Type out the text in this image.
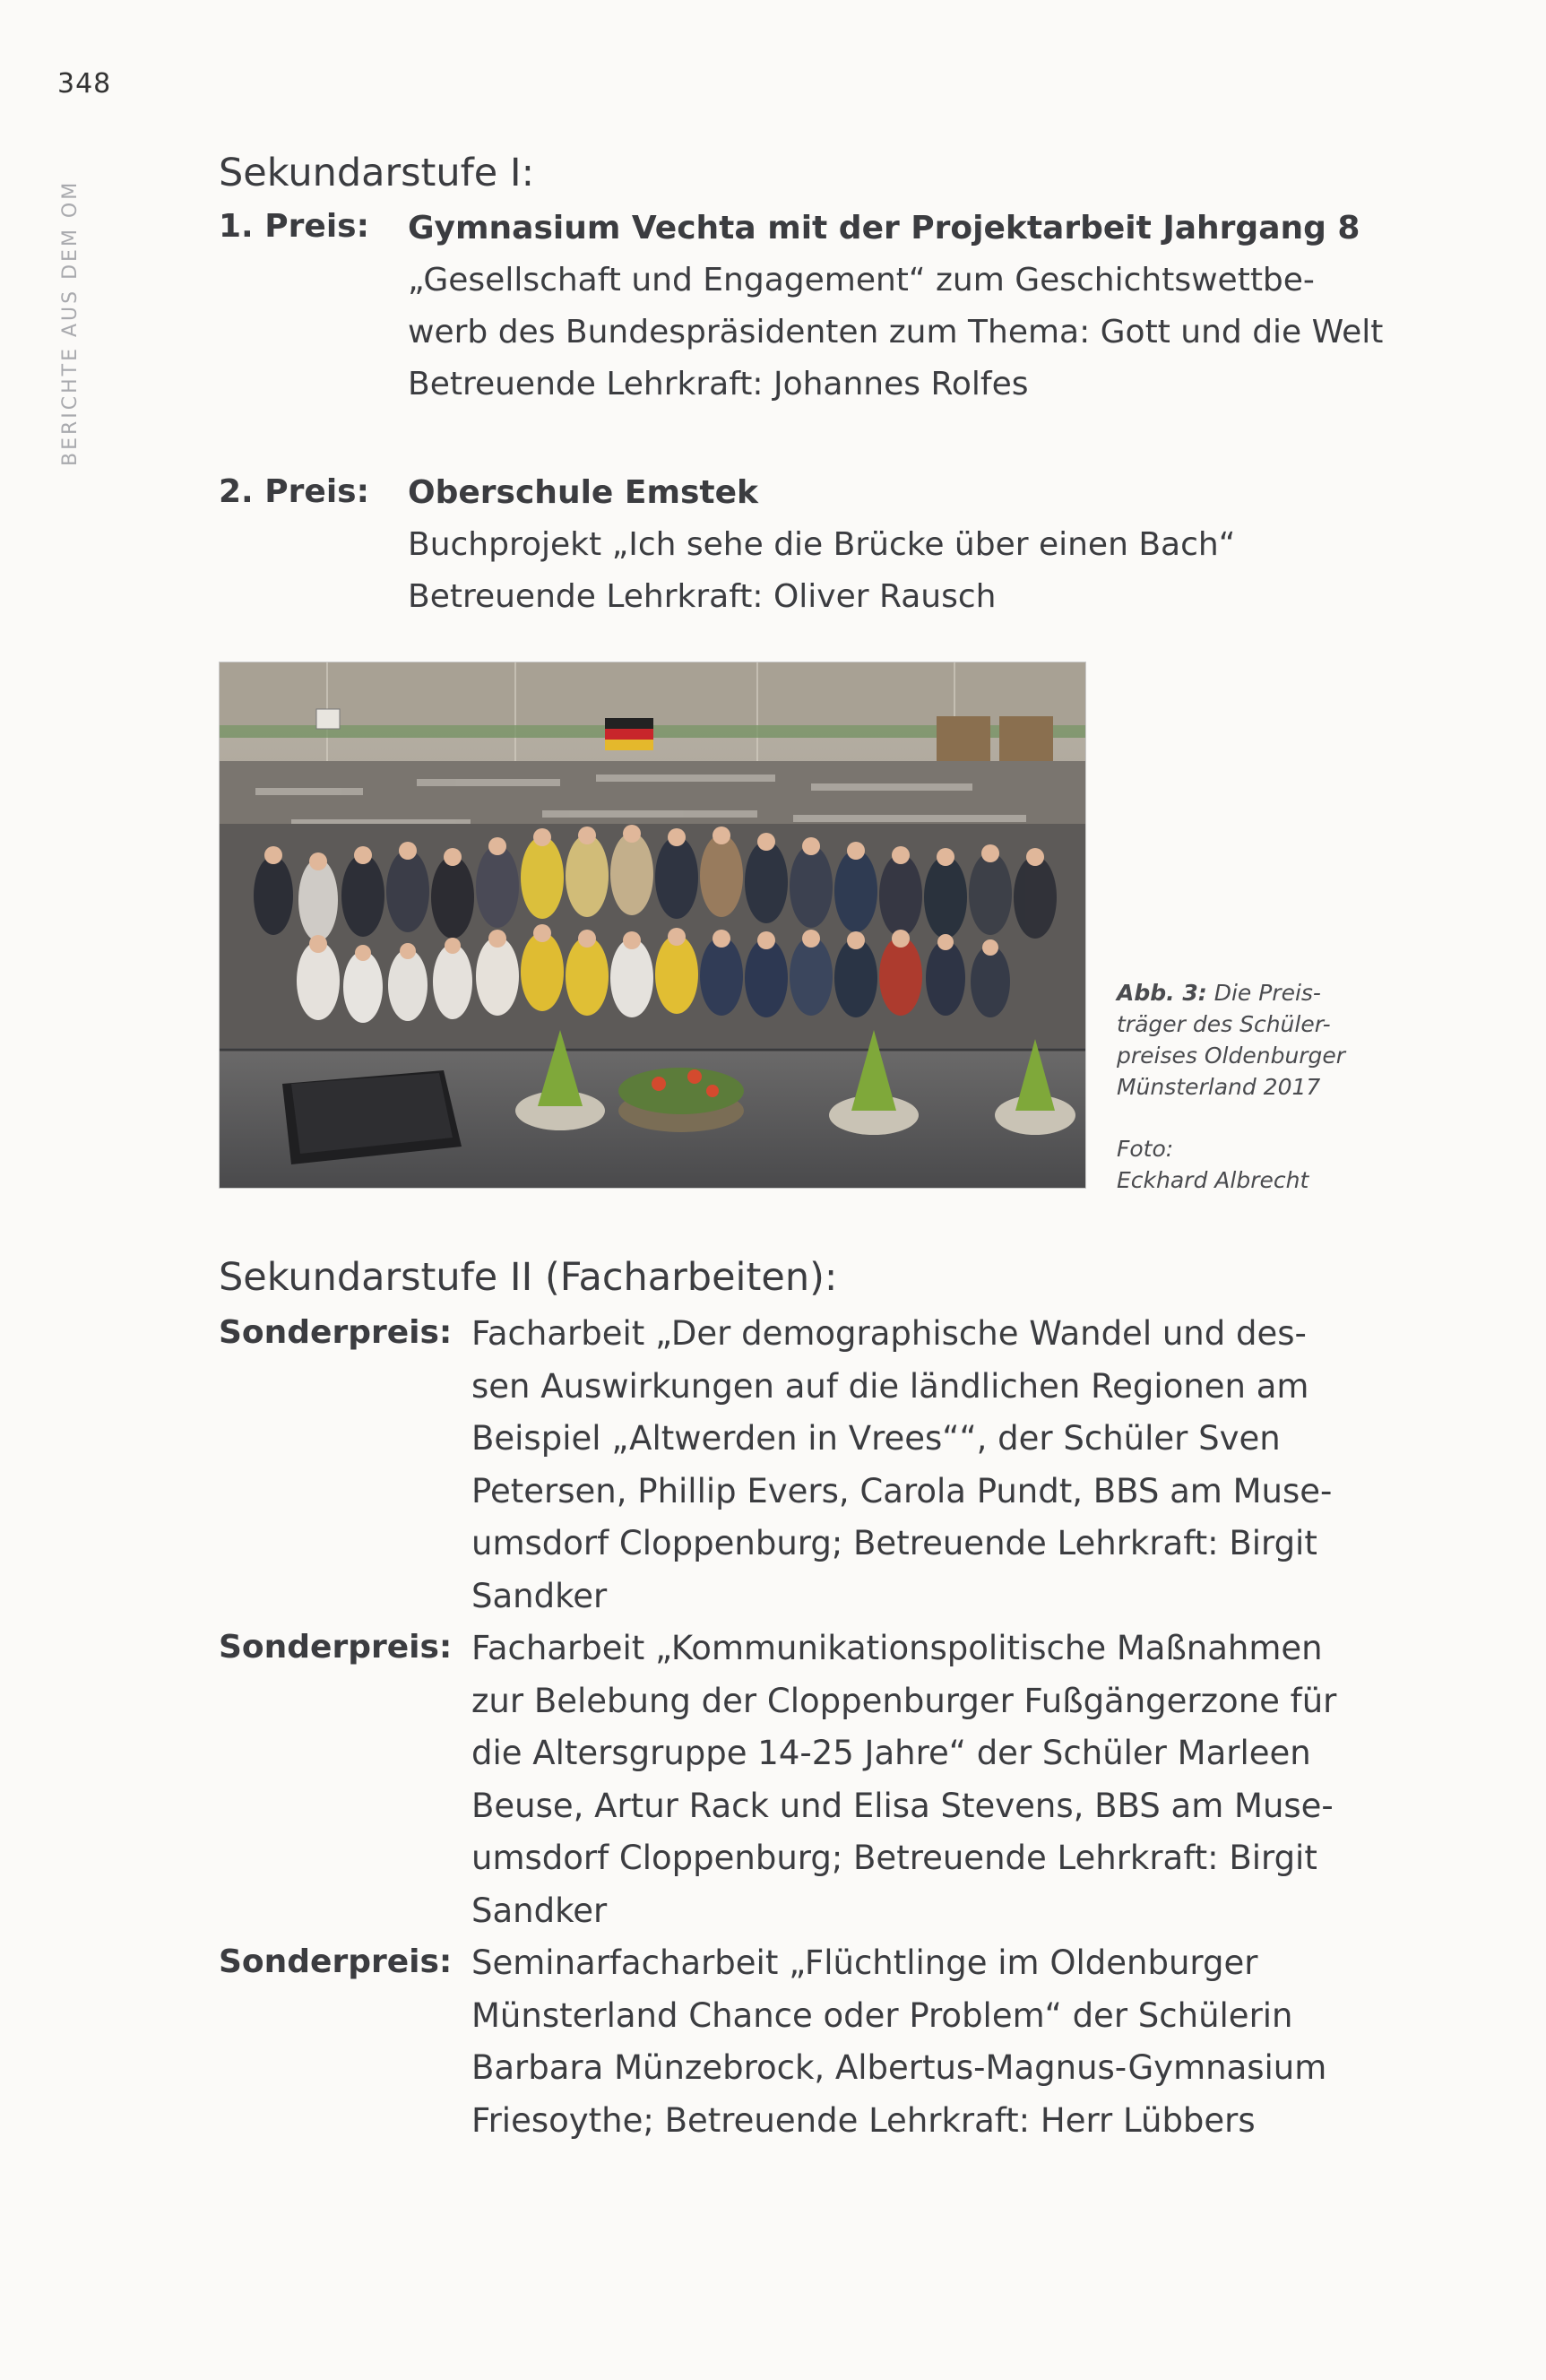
348
BERICHTE AUS DEM OM
Sekundarstufe I:
1. Preis: Gymnasium Vechta mit der Projektarbeit Jahrgang 8
„Gesellschaft und Engagement“ zum Geschichtswettbe-
werb des Bundespräsidenten zum Thema: Gott und die Welt
Betreuende Lehrkraft: Johannes Rolfes
2. Preis: Oberschule Emstek
Buchprojekt „Ich sehe die Brücke über einen Bach“
Betreuende Lehrkraft: Oliver Rausch
Abb. 3: Die Preis-
träger des Schüler-
preises Oldenburger
Münsterland 2017
Foto:
Eckhard Albrecht
Sekundarstufe II (Facharbeiten):
Sonderpreis: Facharbeit „Der demographische Wandel und des-
sen Auswirkungen auf die ländlichen Regionen am
Beispiel „Altwerden in Vrees““, der Schüler Sven
Petersen, Phillip Evers, Carola Pundt, BBS am Muse-
umsdorf Cloppenburg; Betreuende Lehrkraft: Birgit
Sandker
Sonderpreis: Facharbeit „Kommunikationspolitische Maßnahmen
zur Belebung der Cloppenburger Fußgängerzone für
die Altersgruppe 14-25 Jahre“ der Schüler Marleen
Beuse, Artur Rack und Elisa Stevens, BBS am Muse-
umsdorf Cloppenburg; Betreuende Lehrkraft: Birgit
Sandker
Sonderpreis: Seminarfacharbeit „Flüchtlinge im Oldenburger
Münsterland Chance oder Problem“ der Schülerin
Barbara Münzebrock, Albertus-Magnus-Gymnasium
Friesoythe; Betreuende Lehrkraft: Herr Lübbers
